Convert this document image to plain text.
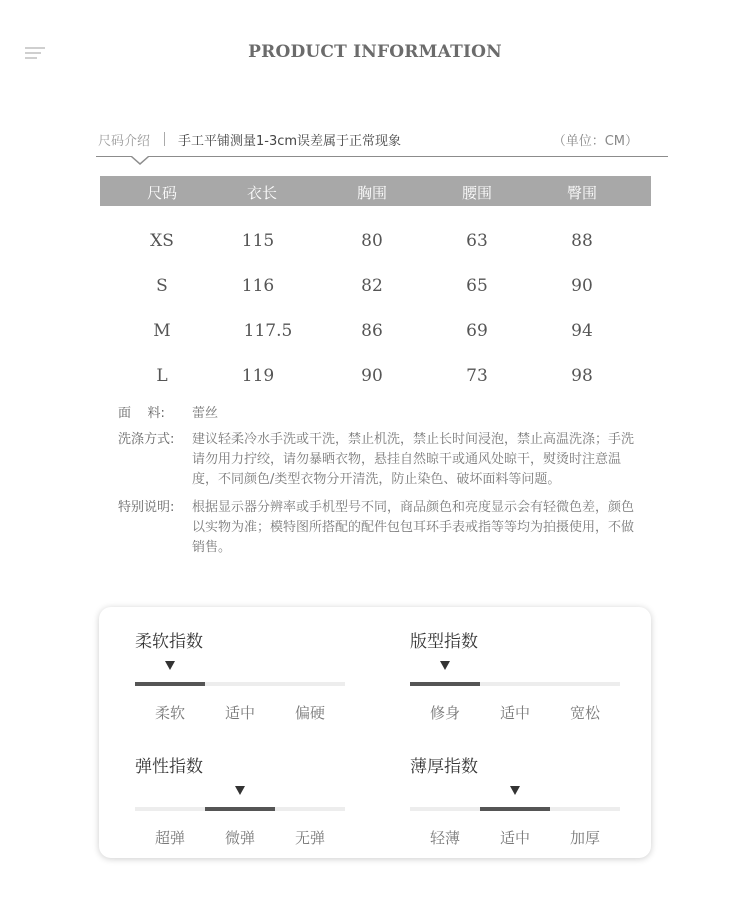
PRODUCT INFORMATION
尺码介绍 手工平铺测量1-3cm误差属于正常现象	（单位：CM）
尺码	衣长	胸围	腰围	臀围
XS	115	80	63	88
S	116	82	65	90
M	117.5	86	69	94
L	119	90	73	98
面    料:	蕾丝
洗涤方式:	建议轻柔冷水手洗或干洗，禁止机洗，禁止长时间浸泡，禁止高温洗涤；手洗请勿用力拧绞，请勿暴晒衣物，悬挂自然晾干或通风处晾干，熨烫时注意温度，不同颜色/类型衣物分开清洗，防止染色、破坏面料等问题。
特别说明:	根据显示器分辨率或手机型号不同，商品颜色和亮度显示会有轻微色差，颜色以实物为准；模特图所搭配的配件包包耳环手表戒指等等均为拍摄使用，不做销售。
柔软指数
柔软	适中	偏硬
版型指数
修身	适中	宽松
弹性指数
超弹	微弹	无弹
薄厚指数
轻薄	适中	加厚
